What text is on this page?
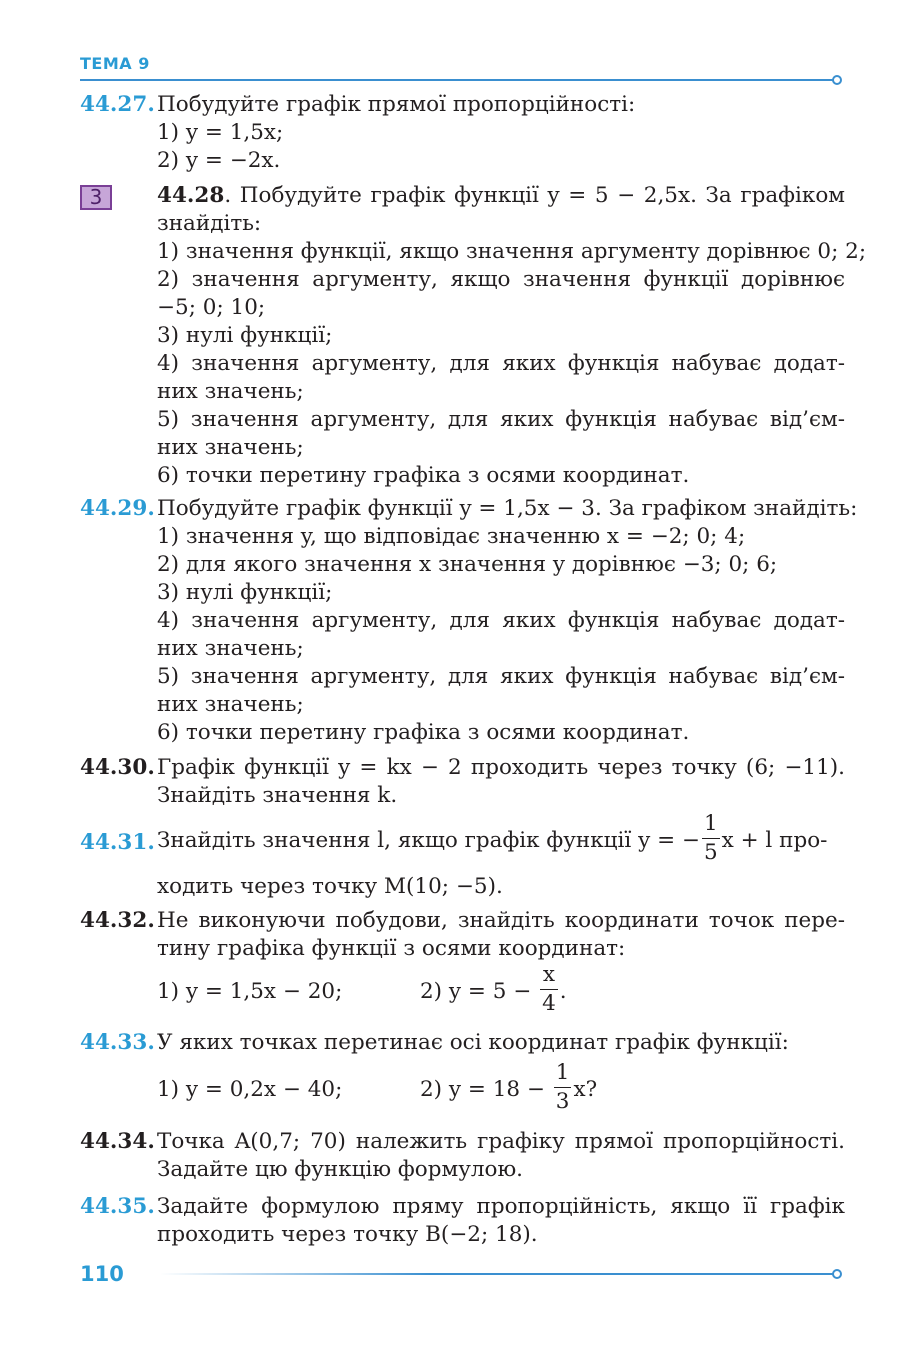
ТЕМА 9
44.27. Побудуйте графік прямої пропорційності:
1) y = 1,5x;
2) y = −2x.
3	44.28. Побудуйте графік функції y = 5 − 2,5x. За графіком
знайдіть:
1) значення функції, якщо значення аргументу дорівнює 0; 2;
2) значення аргументу, якщо значення функції дорівнює
−5; 0; 10;
3) нулі функції;
4) значення аргументу, для яких функція набуває додат-
них значень;
5) значення аргументу, для яких функція набуває від’єм-
них значень;
6) точки перетину графіка з осями координат.
44.29. Побудуйте графік функції y = 1,5x − 3. За графіком знайдіть:
1) значення y, що відповідає значенню x = −2; 0; 4;
2) для якого значення x значення y дорівнює −3; 0; 6;
3) нулі функції;
4) значення аргументу, для яких функція набуває додат-
них значень;
5) значення аргументу, для яких функція набуває від’єм-
них значень;
6) точки перетину графіка з осями координат.
44.30. Графік функції y = kx − 2 проходить через точку (6; −11).
Знайдіть значення k.
44.31. Знайдіть значення l, якщо графік функції y = − $\frac{1}{5}$ x + l про-
ходить через точку M(10; −5).
44.32. Не виконуючи побудови, знайдіть координати точок пере-
тину графіка функції з осями координат:
1) y = 1,5x − 20;	2) $y = 5 - \frac{x}{4}$ .
44.33. У яких точках перетинає осі координат графік функції:
1) y = 0,2x − 40;	2) $y = 18 - \frac{1}{3} x$?
44.34. Точка A(0,7; 70) належить графіку прямої пропорційності.
Задайте цю функцію формулою.
44.35. Задайте формулою пряму пропорційність, якщо її графік
проходить через точку B(−2; 18).
110
